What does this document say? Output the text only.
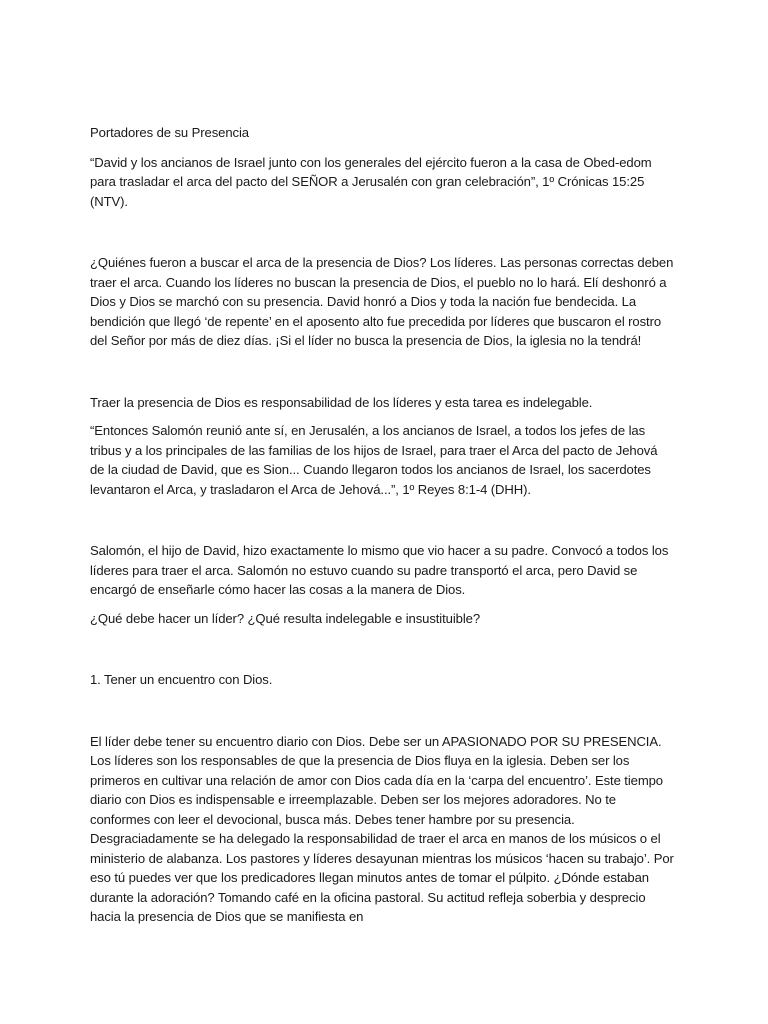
Portadores de su Presencia

“David y los ancianos de Israel junto con los generales del ejército fueron a la casa de Obed-edom para trasladar el arca del pacto del SEÑOR a Jerusalén con gran celebración”, 1º Crónicas 15:25 (NTV).

¿Quiénes fueron a buscar el arca de la presencia de Dios? Los líderes. Las personas correctas deben traer el arca. Cuando los líderes no buscan la presencia de Dios, el pueblo no lo hará. Elí deshonró a Dios y Dios se marchó con su presencia. David honró a Dios y toda la nación fue bendecida. La bendición que llegó ‘de repente’ en el aposento alto fue precedida por líderes que buscaron el rostro del Señor por más de diez días. ¡Si el líder no busca la presencia de Dios, la iglesia no la tendrá!

Traer la presencia de Dios es responsabilidad de los líderes y esta tarea es indelegable.

“Entonces Salomón reunió ante sí, en Jerusalén, a los ancianos de Israel, a todos los jefes de las tribus y a los principales de las familias de los hijos de Israel, para traer el Arca del pacto de Jehová de la ciudad de David, que es Sion... Cuando llegaron todos los ancianos de Israel, los sacerdotes levantaron el Arca, y trasladaron el Arca de Jehová...”, 1º Reyes 8:1-4 (DHH).

Salomón, el hijo de David, hizo exactamente lo mismo que vio hacer a su padre. Convocó a todos los líderes para traer el arca. Salomón no estuvo cuando su padre transportó el arca, pero David se encargó de enseñarle cómo hacer las cosas a la manera de Dios.

¿Qué debe hacer un líder? ¿Qué resulta indelegable e insustituible?

1. Tener un encuentro con Dios.

El líder debe tener su encuentro diario con Dios. Debe ser un APASIONADO POR SU PRESENCIA. Los líderes son los responsables de que la presencia de Dios fluya en la iglesia. Deben ser los primeros en cultivar una relación de amor con Dios cada día en la ‘carpa del encuentro’. Este tiempo diario con Dios es indispensable e irreemplazable. Deben ser los mejores adoradores. No te conformes con leer el devocional, busca más. Debes tener hambre por su presencia. Desgraciadamente se ha delegado la responsabilidad de traer el arca en manos de los músicos o el ministerio de alabanza. Los pastores y líderes desayunan mientras los músicos ‘hacen su trabajo’. Por eso tú puedes ver que los predicadores llegan minutos antes de tomar el púlpito. ¿Dónde estaban durante la adoración? Tomando café en la oficina pastoral. Su actitud refleja soberbia y desprecio hacia la presencia de Dios que se manifiesta en
